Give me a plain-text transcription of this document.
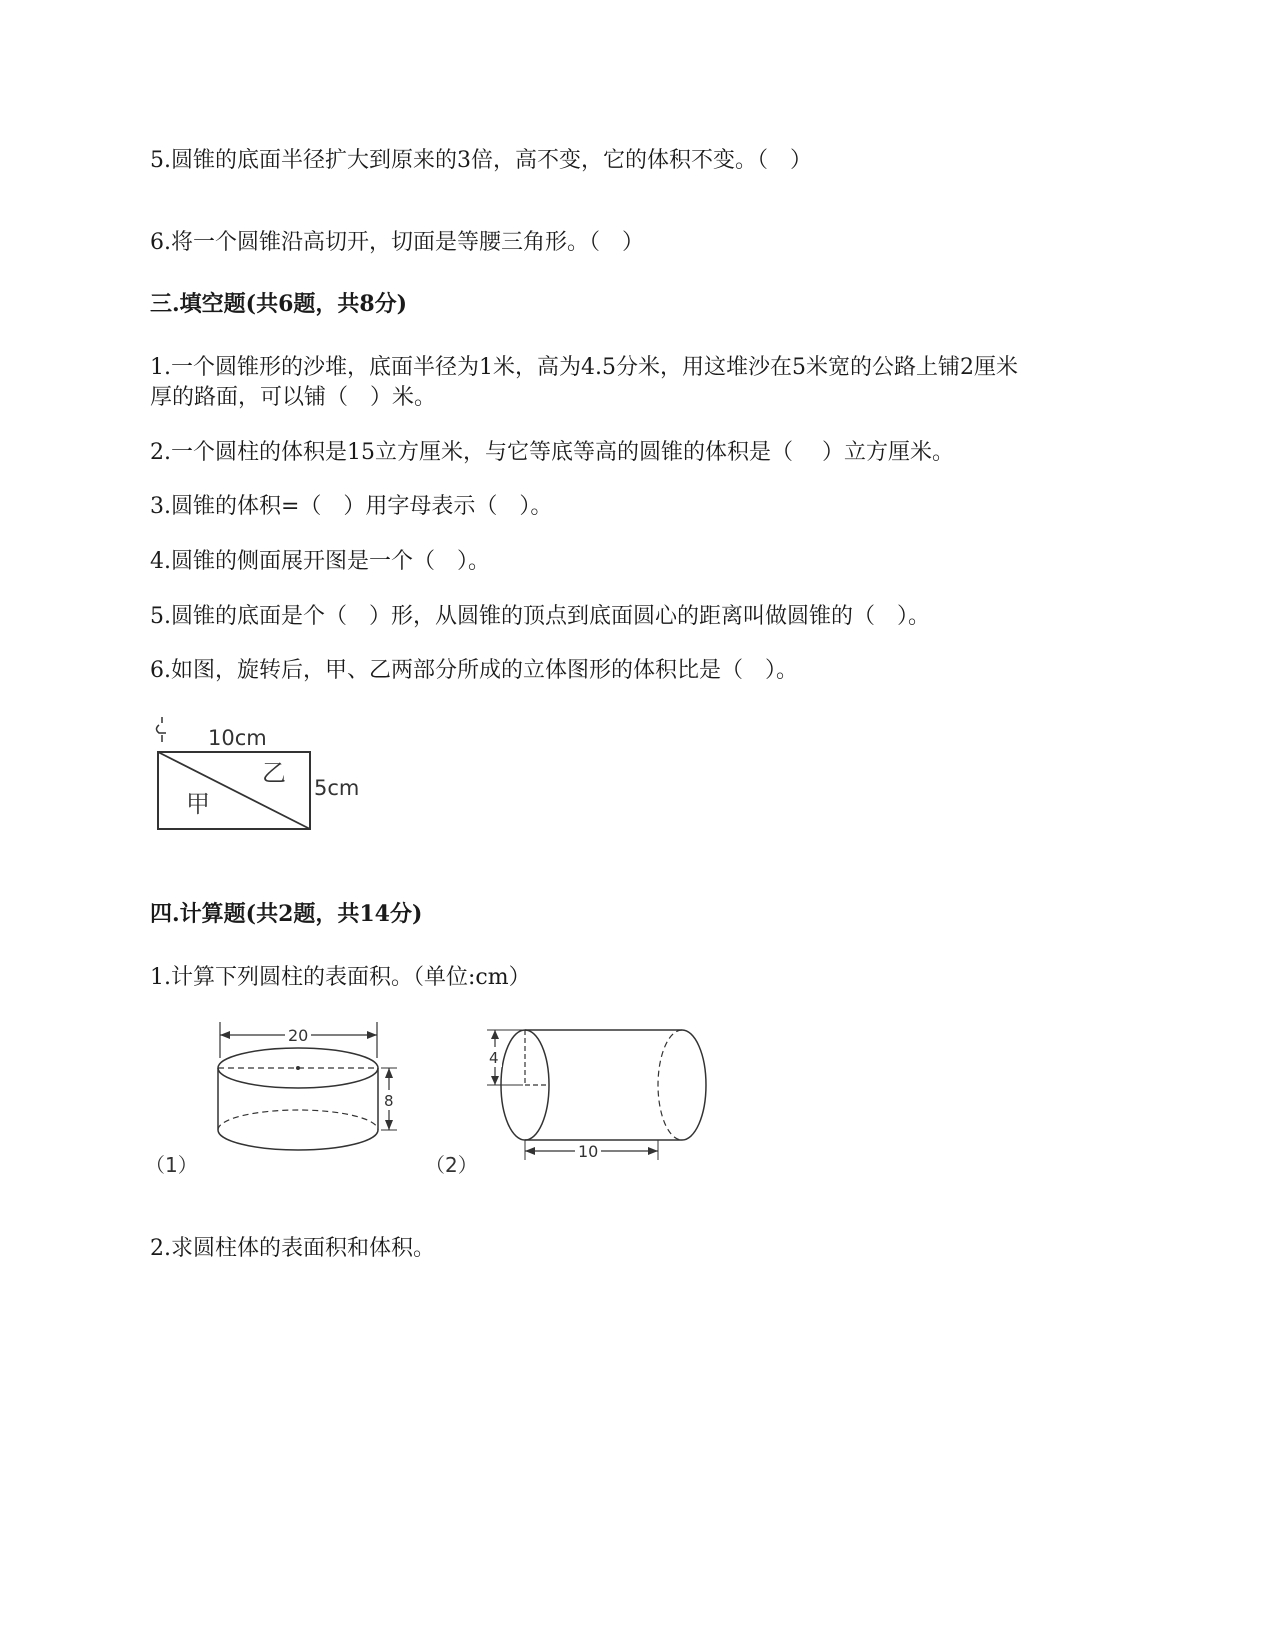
5.圆锥的底面半径扩大到原来的3倍，高不变，它的体积不变。（　）
6.将一个圆锥沿高切开，切面是等腰三角形。（　）
三.填空题(共6题，共8分)
1.一个圆锥形的沙堆，底面半径为1米，高为4.5分米，用这堆沙在5米宽的公路上铺2厘米
厚的路面，可以铺（　）米。
2.一个圆柱的体积是15立方厘米，与它等底等高的圆锥的体积是（　 ）立方厘米。
3.圆锥的体积=（　）用字母表示（　）。
4.圆锥的侧面展开图是一个（　）。
5.圆锥的底面是个（　）形，从圆锥的顶点到底面圆心的距离叫做圆锥的（　）。
6.如图，旋转后，甲、乙两部分所成的立体图形的体积比是（　）。
10cm
5cm
甲
乙
四.计算题(共2题，共14分)
1.计算下列圆柱的表面积。（单位:cm）
20
8
（1）
4
10
（2）
2.求圆柱体的表面积和体积。
